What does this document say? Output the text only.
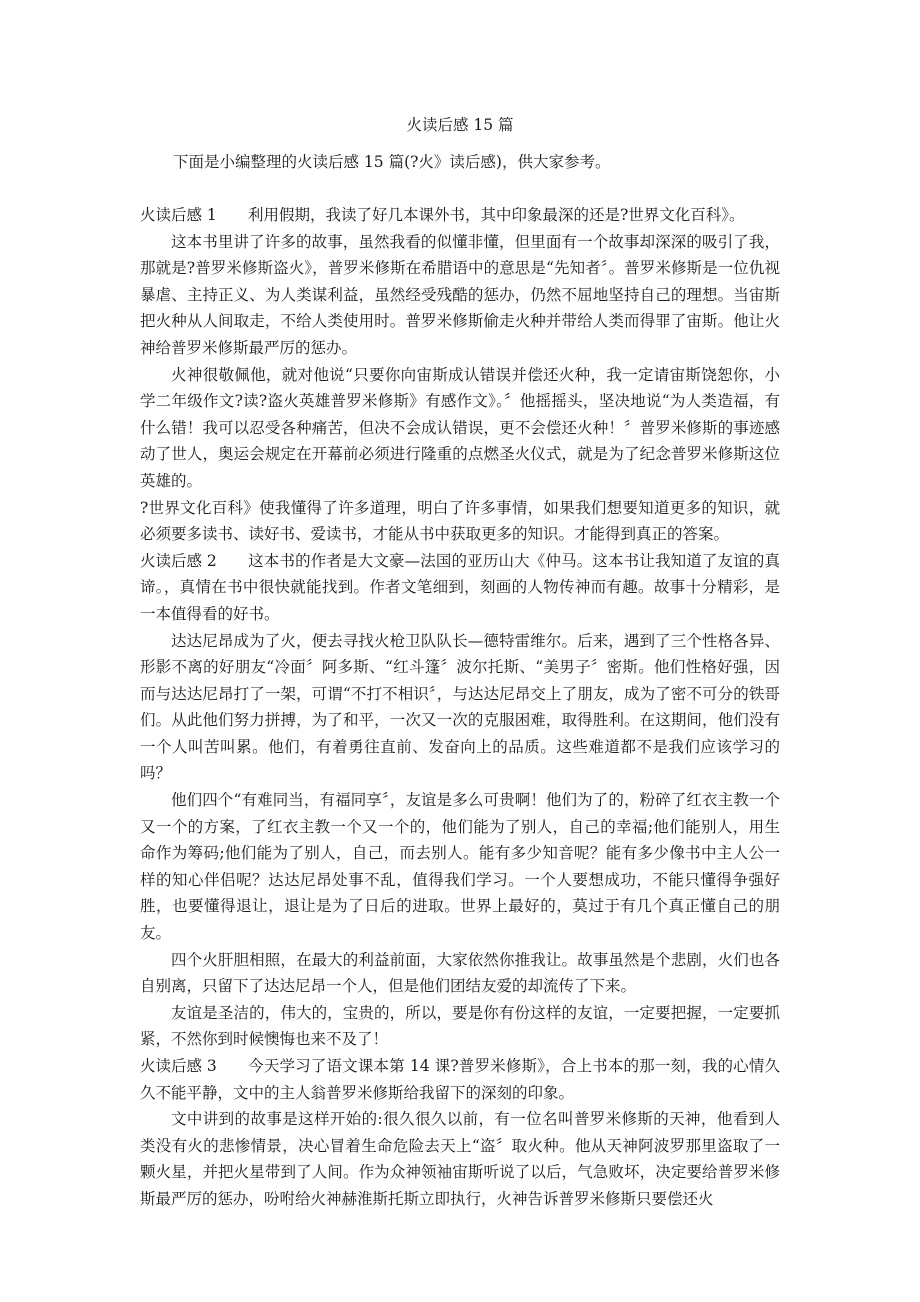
火读后感 15 篇

下面是小编整理的火读后感 15 篇(?火》读后感)，供大家参考。

火读后感 1 利用假期，我读了好几本课外书，其中印象最深的还是?世界文化百科》。

这本书里讲了许多的故事，虽然我看的似懂非懂，但里面有一个故事却深深的吸引了我，那就是?普罗米修斯盗火》，普罗米修斯在希腊语中的意思是“先知者〞。普罗米修斯是一位仇视暴虐、主持正义、为人类谋利益，虽然经受残酷的惩办，仍然不屈地坚持自己的理想。当宙斯把火种从人间取走，不给人类使用时。普罗米修斯偷走火种并带给人类而得罪了宙斯。他让火神给普罗米修斯最严厉的惩办。

火神很敬佩他，就对他说“只要你向宙斯成认错误并偿还火种，我一定请宙斯饶恕你，小学二年级作文?读?盗火英雄普罗米修斯》有感作文》。〞他摇摇头，坚决地说“为人类造福，有什么错！我可以忍受各种痛苦，但决不会成认错误，更不会偿还火种！〞普罗米修斯的事迹感动了世人，奥运会规定在开幕前必须进行隆重的点燃圣火仪式，就是为了纪念普罗米修斯这位英雄的。

?世界文化百科》使我懂得了许多道理，明白了许多事情，如果我们想要知道更多的知识，就必须要多读书、读好书、爱读书，才能从书中获取更多的知识。才能得到真正的答案。

火读后感 2 这本书的作者是大文豪—法国的亚历山大《仲马。这本书让我知道了友谊的真谛。，真情在书中很快就能找到。作者文笔细到，刻画的人物传神而有趣。故事十分精彩，是一本值得看的好书。

达达尼昂成为了火，便去寻找火枪卫队队长—德特雷维尔。后来，遇到了三个性格各异、形影不离的好朋友“冷面〞阿多斯、“红斗篷〞波尔托斯、“美男子〞密斯。他们性格好强，因而与达达尼昂打了一架，可谓“不打不相识〞，与达达尼昂交上了朋友，成为了密不可分的铁哥们。从此他们努力拼搏，为了和平，一次又一次的克服困难，取得胜利。在这期间，他们没有一个人叫苦叫累。他们，有着勇往直前、发奋向上的品质。这些难道都不是我们应该学习的吗？

他们四个“有难同当，有福同享〞，友谊是多么可贵啊！他们为了的，粉碎了红衣主教一个又一个的方案，了红衣主教一个又一个的，他们能为了别人，自己的幸福;他们能别人，用生命作为筹码;他们能为了别人，自己，而去别人。能有多少知音呢？能有多少像书中主人公一样的知心伴侣呢？达达尼昂处事不乱，值得我们学习。一个人要想成功，不能只懂得争强好胜，也要懂得退让，退让是为了日后的进取。世界上最好的，莫过于有几个真正懂自己的朋友。

四个火肝胆相照，在最大的利益前面，大家依然你推我让。故事虽然是个悲剧，火们也各自别离，只留下了达达尼昂一个人，但是他们团结友爱的却流传了下来。

友谊是圣洁的，伟大的，宝贵的，所以，要是你有份这样的友谊，一定要把握，一定要抓紧，不然你到时候懊悔也来不及了！

火读后感 3 今天学习了语文课本第 14 课?普罗米修斯》，合上书本的那一刻，我的心情久久不能平静，文中的主人翁普罗米修斯给我留下的深刻的印象。

文中讲到的故事是这样开始的:很久很久以前，有一位名叫普罗米修斯的天神，他看到人类没有火的悲惨情景，决心冒着生命危险去天上“盗〞取火种。他从天神阿波罗那里盗取了一颗火星，并把火星带到了人间。作为众神领袖宙斯听说了以后，气急败坏，决定要给普罗米修斯最严厉的惩办，吩咐给火神赫淮斯托斯立即执行，火神告诉普罗米修斯只要偿还火
